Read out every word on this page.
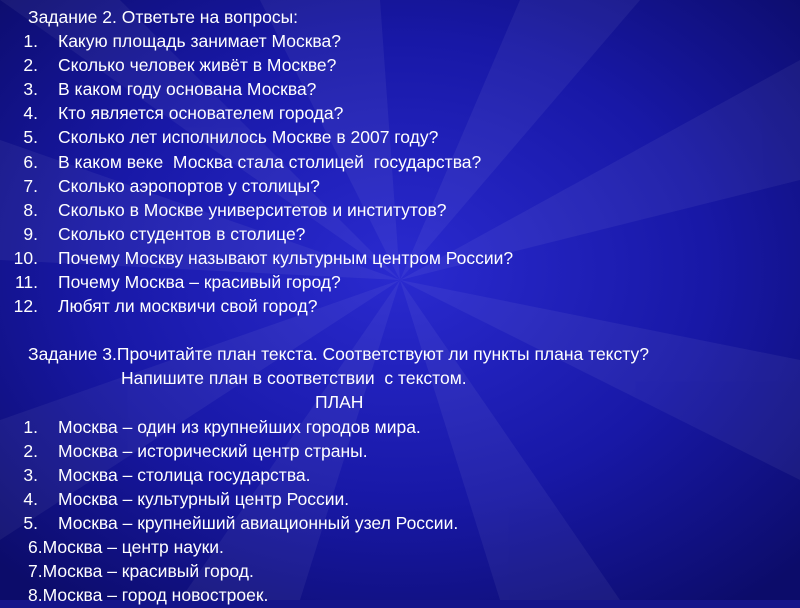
Задание 2. Ответьте на вопросы:
1. Какую площадь занимает Москва?
2. Сколько человек живёт в Москве?
3. В каком году основана Москва?
4. Кто является основателем города?
5. Сколько лет исполнилось Москве в 2007 году?
6. В каком веке  Москва стала столицей  государства?
7. Сколько аэропортов у столицы?
8. Сколько в Москве университетов и институтов?
9. Сколько студентов в столице?
10. Почему Москву называют культурным центром России?
11. Почему Москва – красивый город?
12. Любят ли москвичи свой город?
Задание 3.Прочитайте план текста. Соответствуют ли пункты плана тексту?
Напишите план в соответствии  с текстом.
ПЛАН
1. Москва – один из крупнейших городов мира.
2. Москва – исторический центр страны.
3. Москва – столица государства.
4. Москва – культурный центр России.
5. Москва – крупнейший авиационный узел России.
6.Москва – центр науки.
7.Москва – красивый город.
8.Москва – город новостроек.
